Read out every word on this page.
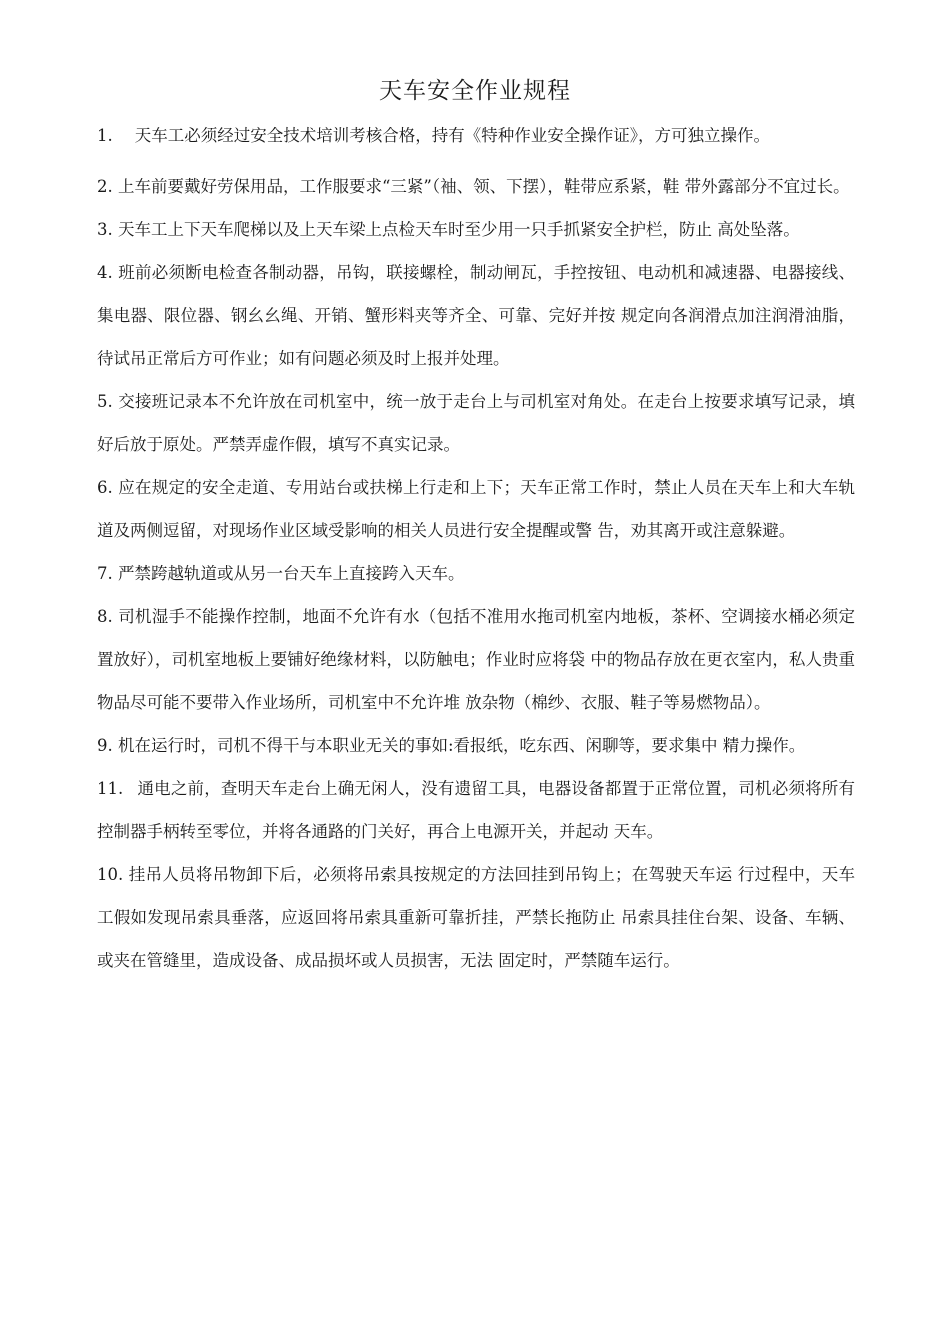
天车安全作业规程

1. 天车工必须经过安全技术培训考核合格，持有《特种作业安全操作证》，方可独立操作。

2. 上车前要戴好劳保用品，工作服要求“三紧”（袖、领、下摆），鞋带应系紧，鞋 带外露部分不宜过长。

3. 天车工上下天车爬梯以及上天车梁上点检天车时至少用一只手抓紧安全护栏，防止 高处坠落。

4. 班前必须断电检查各制动器，吊钩，联接螺栓，制动闸瓦，手控按钮、电动机和减速器、电器接线、集电器、限位器、钢幺幺绳、开销、蟹形料夹等齐全、可靠、完好并按 规定向各润滑点加注润滑油脂，待试吊正常后方可作业；如有问题必须及时上报并处理。

5. 交接班记录本不允许放在司机室中，统一放于走台上与司机室对角处。在走台上按要求填写记录，填好后放于原处。严禁弄虚作假，填写不真实记录。

6. 应在规定的安全走道、专用站台或扶梯上行走和上下；天车正常工作时，禁止人员在天车上和大车轨道及两侧逗留，对现场作业区域受影响的相关人员进行安全提醒或警 告，劝其离开或注意躲避。

7. 严禁跨越轨道或从另一台天车上直接跨入天车。

8. 司机湿手不能操作控制，地面不允许有水（包括不准用水拖司机室内地板，茶杯、空调接水桶必须定置放好），司机室地板上要铺好绝缘材料，以防触电；作业时应将袋 中的物品存放在更衣室内，私人贵重物品尽可能不要带入作业场所，司机室中不允许堆 放杂物（棉纱、衣服、鞋子等易燃物品）。

9. 机在运行时，司机不得干与本职业无关的事如:看报纸，吃东西、闲聊等，要求集中 精力操作。

11. 通电之前，查明天车走台上确无闲人，没有遗留工具，电器设备都置于正常位置，司机必须将所有控制器手柄转至零位，并将各通路的门关好，再合上电源开关，并起动 天车。

10. 挂吊人员将吊物卸下后，必须将吊索具按规定的方法回挂到吊钩上；在驾驶天车运 行过程中，天车工假如发现吊索具垂落，应返回将吊索具重新可靠折挂，严禁长拖防止 吊索具挂住台架、设备、车辆、或夹在管缝里，造成设备、成品损坏或人员损害，无法 固定时，严禁随车运行。
